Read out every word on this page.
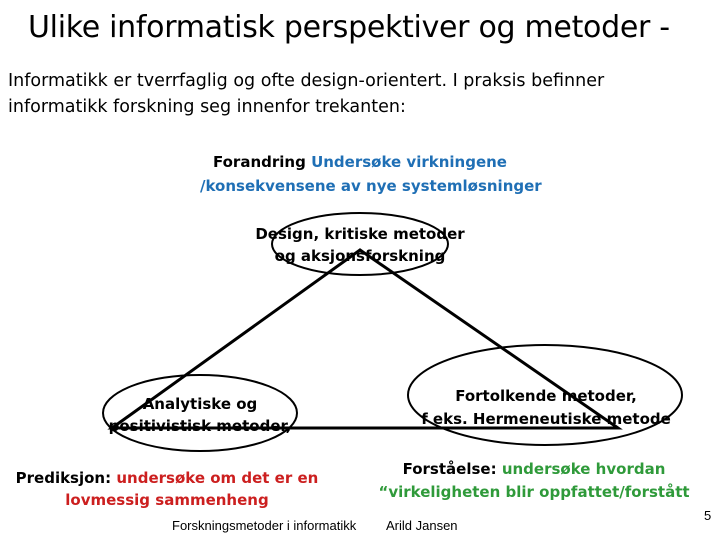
Ulike informatisk perspektiver og metoder -
Informatikk er tverrfaglig og ofte design-orientert. I praksis befinner informatikk forskning seg innenfor trekanten:
Forandring Undersøke virkningene
/konsekvensene av nye systemløsninger
Design, kritiske metoder
og aksjonsforskning
Analytiske og
positivistisk metoder,
Prediksjon: undersøke om det er en
lovmessig sammenheng
Fortolkende metoder,
f eks. Hermeneutiske metode
Forståelse: undersøke hvordan
“virkeligheten blir oppfattet/forstått
Forskningsmetoder i informatikk Arild Jansen
5
